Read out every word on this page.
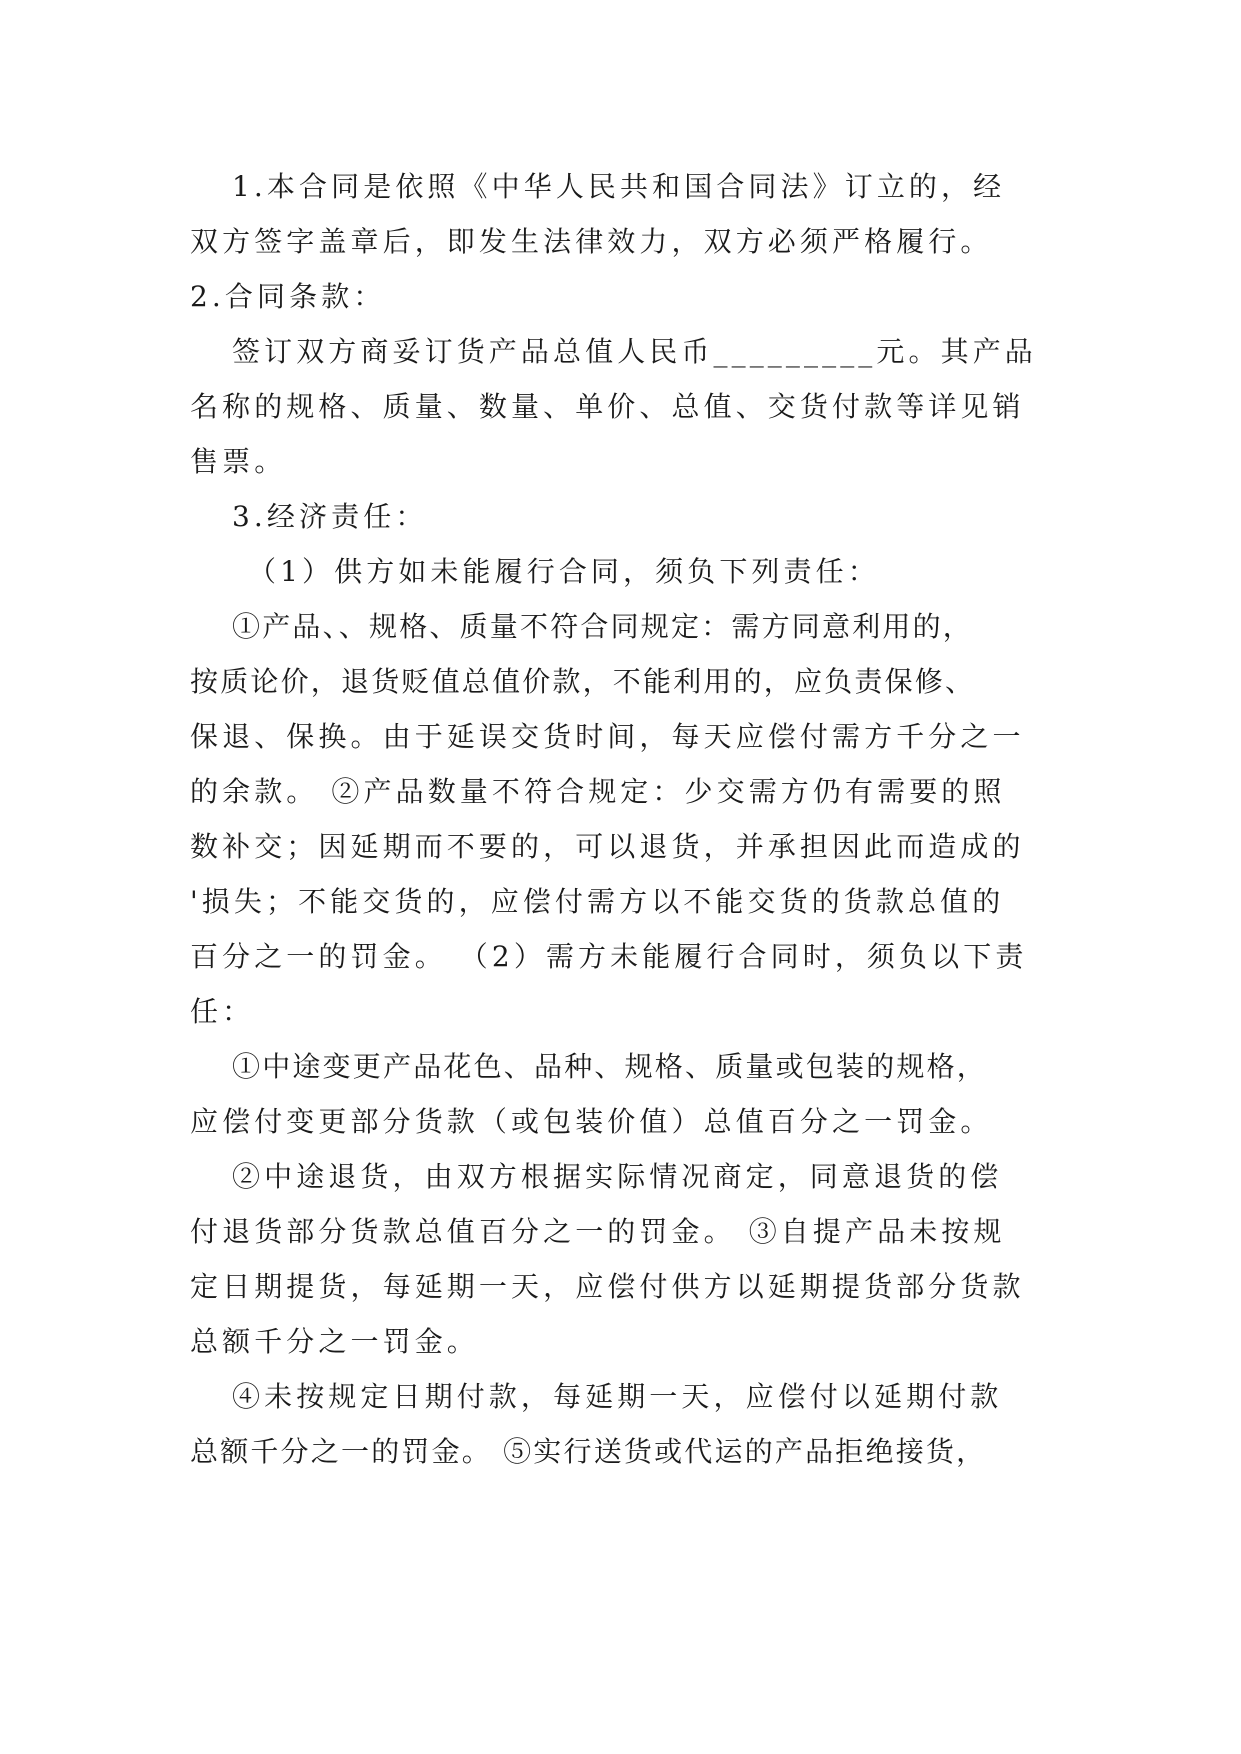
1.本合同是依照《中华人民共和国合同法》订立的，经
双方签字盖章后，即发生法律效力，双方必须严格履行。
2.合同条款：
签订双方商妥订货产品总值人民币_________元。其产品
名称的规格、质量、数量、单价、总值、交货付款等详见销
售票。
3.经济责任：
（1）供方如未能履行合同，须负下列责任：
①产品、、规格、质量不符合同规定：需方同意利用的，
按质论价，退货贬值总值价款，不能利用的，应负责保修、
保退、保换。由于延误交货时间，每天应偿付需方千分之一
的余款。 ②产品数量不符合规定：少交需方仍有需要的照
数补交；因延期而不要的，可以退货，并承担因此而造成的
'损失；不能交货的，应偿付需方以不能交货的货款总值的
百分之一的罚金。 （2）需方未能履行合同时，须负以下责
任：
①中途变更产品花色、品种、规格、质量或包装的规格，
应偿付变更部分货款（或包装价值）总值百分之一罚金。
②中途退货，由双方根据实际情况商定，同意退货的偿
付退货部分货款总值百分之一的罚金。 ③自提产品未按规
定日期提货，每延期一天，应偿付供方以延期提货部分货款
总额千分之一罚金。
④未按规定日期付款，每延期一天，应偿付以延期付款
总额千分之一的罚金。 ⑤实行送货或代运的产品拒绝接货，
